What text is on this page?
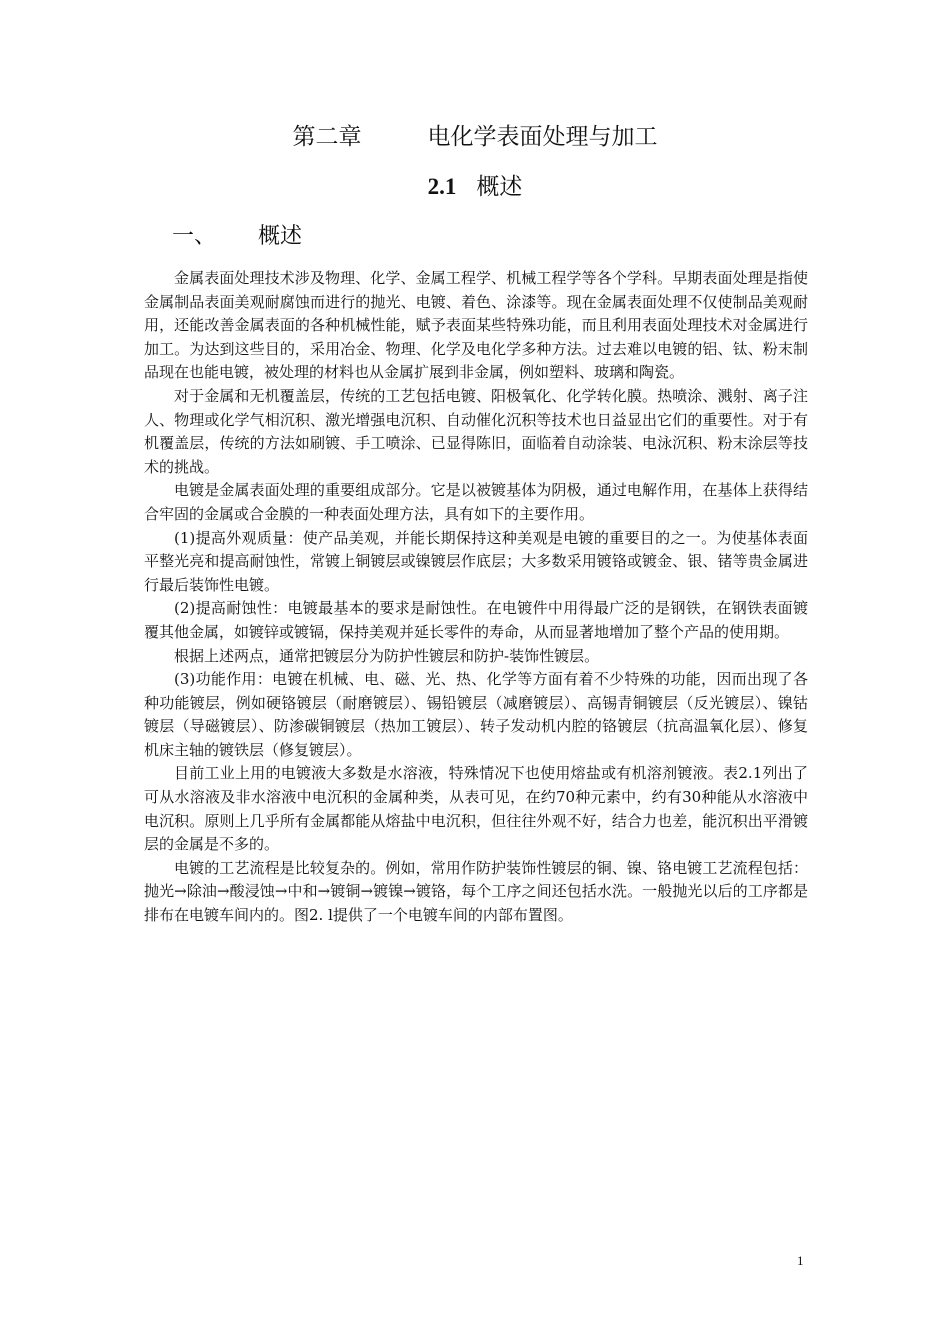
第二章	电化学表面处理与加工
2.1 概述
一、 概述

金属表面处理技术涉及物理、化学、金属工程学、机械工程学等各个学科。早期表面处理是指使金属制品表面美观耐腐蚀而进行的抛光、电镀、着色、涂漆等。现在金属表面处理不仅使制品美观耐用，还能改善金属表面的各种机械性能，赋予表面某些特殊功能，而且利用表面处理技术对金属进行加工。为达到这些目的，采用冶金、物理、化学及电化学多种方法。过去难以电镀的铝、钛、粉末制品现在也能电镀，被处理的材料也从金属扩展到非金属，例如塑料、玻璃和陶瓷。

对于金属和无机覆盖层，传统的工艺包括电镀、阳极氧化、化学转化膜。热喷涂、溅射、离子注人、物理或化学气相沉积、激光增强电沉积、自动催化沉积等技术也日益显出它们的重要性。对于有机覆盖层，传统的方法如刷镀、手工喷涂、已显得陈旧，面临着自动涂装、电泳沉积、粉末涂层等技术的挑战。

电镀是金属表面处理的重要组成部分。它是以被镀基体为阴极，通过电解作用，在基体上获得结合牢固的金属或合金膜的一种表面处理方法，具有如下的主要作用。

(1)提高外观质量：使产品美观，并能长期保持这种美观是电镀的重要目的之一。为使基体表面平整光亮和提高耐蚀性，常镀上铜镀层或镍镀层作底层；大多数采用镀铬或镀金、银、锗等贵金属进行最后装饰性电镀。

(2)提高耐蚀性：电镀最基本的要求是耐蚀性。在电镀件中用得最广泛的是钢铁，在钢铁表面镀覆其他金属，如镀锌或镀镉，保持美观并延长零件的寿命，从而显著地增加了整个产品的使用期。

根据上述两点，通常把镀层分为防护性镀层和防护-装饰性镀层。

(3)功能作用：电镀在机械、电、磁、光、热、化学等方面有着不少特殊的功能，因而出现了各种功能镀层，例如硬铬镀层（耐磨镀层）、锡铅镀层（减磨镀层）、高锡青铜镀层（反光镀层）、镍钴镀层（导磁镀层）、防渗碳铜镀层（热加工镀层）、转子发动机内腔的铬镀层（抗高温氧化层）、修复机床主轴的镀铁层（修复镀层）。

目前工业上用的电镀液大多数是水溶液，特殊情况下也使用熔盐或有机溶剂镀液。表2.1列出了可从水溶液及非水溶液中电沉积的金属种类，从表可见，在约70种元素中，约有30种能从水溶液中电沉积。原则上几乎所有金属都能从熔盐中电沉积，但往往外观不好，结合力也差，能沉积出平滑镀层的金属是不多的。

电镀的工艺流程是比较复杂的。例如，常用作防护装饰性镀层的铜、镍、铬电镀工艺流程包括：抛光→除油→酸浸蚀→中和→镀铜→镀镍→镀铬，每个工序之间还包括水洗。一般抛光以后的工序都是排布在电镀车间内的。图2. l提供了一个电镀车间的内部布置图。

1
